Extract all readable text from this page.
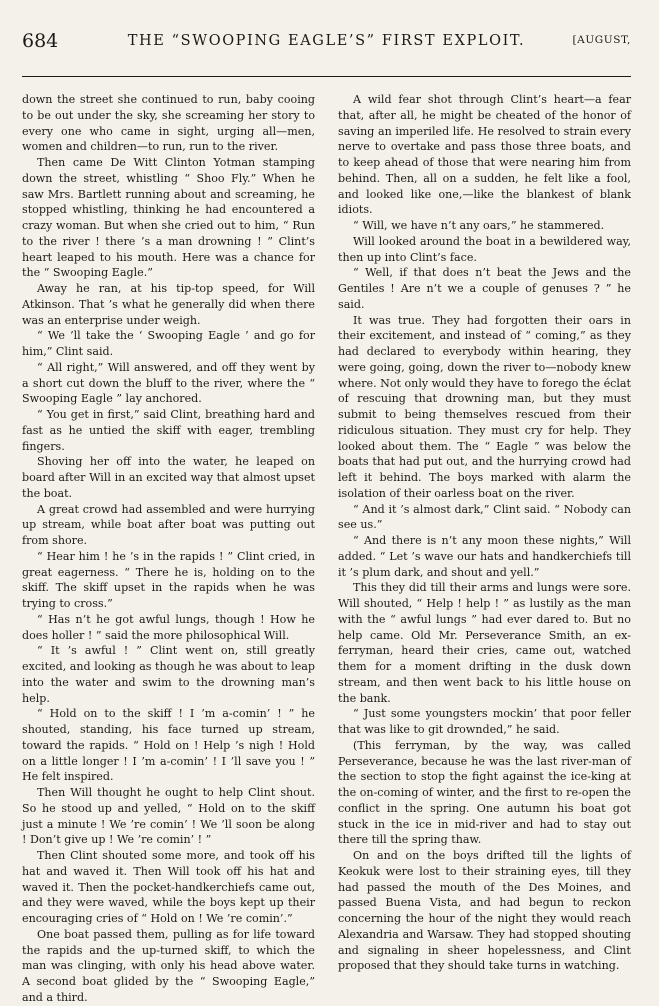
684	THE “SWOOPING EAGLE’S” FIRST EXPLOIT.	[AUGUST,

down the street she continued to run, baby cooing to be out under the sky, she screaming her story to every one who came in sight, urging all—men, women and children—to run, run to the river.

Then came De Witt Clinton Yotman stamping down the street, whistling “ Shoo Fly.” When he saw Mrs. Bartlett running about and screaming, he stopped whistling, thinking he had encountered a crazy woman. But when she cried out to him, “ Run to the river ! there ’s a man drowning ! ” Clint’s heart leaped to his mouth. Here was a chance for the “ Swooping Eagle.”

Away he ran, at his tip-top speed, for Will Atkinson. That ’s what he generally did when there was an enterprise under weigh.

“ We ’ll take the ‘ Swooping Eagle ’ and go for him,” Clint said.

“ All right,” Will answered, and off they went by a short cut down the bluff to the river, where the “ Swooping Eagle ” lay anchored.

“ You get in first,” said Clint, breathing hard and fast as he untied the skiff with eager, trembling fingers.

Shoving her off into the water, he leaped on board after Will in an excited way that almost upset the boat.

A great crowd had assembled and were hurrying up stream, while boat after boat was putting out from shore.

“ Hear him ! he ’s in the rapids ! ” Clint cried, in great eagerness. “ There he is, holding on to the skiff. The skiff upset in the rapids when he was trying to cross.”

“ Has n’t he got awful lungs, though ! How he does holler ! ” said the more philosophical Will.

“ It ’s awful ! ” Clint went on, still greatly excited, and looking as though he was about to leap into the water and swim to the drowning man’s help.

“ Hold on to the skiff ! I ’m a-comin’ ! ” he shouted, standing, his face turned up stream, toward the rapids. “ Hold on ! Help ’s nigh ! Hold on a little longer ! I ’m a-comin’ ! I ’ll save you ! ” He felt inspired.

Then Will thought he ought to help Clint shout. So he stood up and yelled, “ Hold on to the skiff just a minute ! We ’re comin’ ! We ’ll soon be along ! Don’t give up ! We ’re comin’ ! ”

Then Clint shouted some more, and took off his hat and waved it. Then Will took off his hat and waved it. Then the pocket-handkerchiefs came out, and they were waved, while the boys kept up their encouraging cries of “ Hold on ! We ’re comin’.”

One boat passed them, pulling as for life toward the rapids and the up-turned skiff, to which the man was clinging, with only his head above water. A second boat glided by the “ Swooping Eagle,” and a third.

A wild fear shot through Clint’s heart—a fear that, after all, he might be cheated of the honor of saving an imperiled life. He resolved to strain every nerve to overtake and pass those three boats, and to keep ahead of those that were nearing him from behind. Then, all on a sudden, he felt like a fool, and looked like one,—like the blankest of blank idiots.

“ Will, we have n’t any oars,” he stammered.

Will looked around the boat in a bewildered way, then up into Clint’s face.

“ Well, if that does n’t beat the Jews and the Gentiles ! Are n’t we a couple of genuses ? ” he said.

It was true. They had forgotten their oars in their excitement, and instead of “ coming,” as they had declared to everybody within hearing, they were going, going, down the river to—nobody knew where. Not only would they have to forego the éclat of rescuing that drowning man, but they must submit to being themselves rescued from their ridiculous situation. They must cry for help. They looked about them. The “ Eagle ” was below the boats that had put out, and the hurrying crowd had left it behind. The boys marked with alarm the isolation of their oarless boat on the river.

“ And it ’s almost dark,” Clint said. “ Nobody can see us.”

“ And there is n’t any moon these nights,” Will added. “ Let ’s wave our hats and handkerchiefs till it ’s plum dark, and shout and yell.”

This they did till their arms and lungs were sore. Will shouted, “ Help ! help ! ” as lustily as the man with the “ awful lungs ” had ever dared to. But no help came. Old Mr. Perseverance Smith, an ex-ferryman, heard their cries, came out, watched them for a moment drifting in the dusk down stream, and then went back to his little house on the bank.

“ Just some youngsters mockin’ that poor feller that was like to git drownded,” he said.

(This ferryman, by the way, was called Perseverance, because he was the last river-man of the section to stop the fight against the ice-king at the on-coming of winter, and the first to re-open the conflict in the spring. One autumn his boat got stuck in the ice in mid-river and had to stay out there till the spring thaw.

On and on the boys drifted till the lights of Keokuk were lost to their straining eyes, till they had passed the mouth of the Des Moines, and passed Buena Vista, and had begun to reckon concerning the hour of the night they would reach Alexandria and Warsaw. They had stopped shouting and signaling in sheer hopelessness, and Clint proposed that they should take turns in watching.
